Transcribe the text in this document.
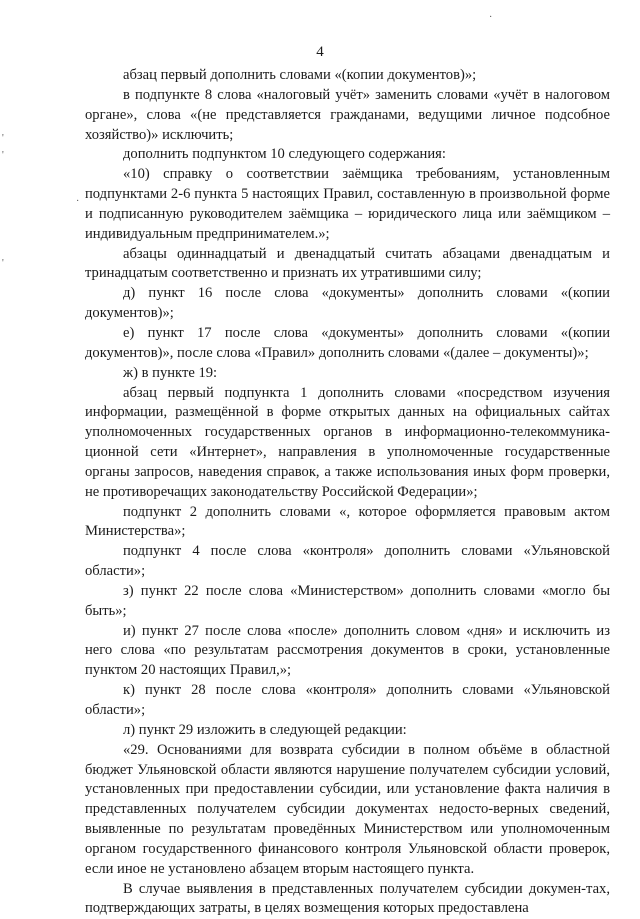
4
·
'
'
'
·

абзац первый дополнить словами «(копии документов)»;

в подпункте 8 слова «налоговый учёт» заменить словами «учёт в налоговом органе», слова «(не представляется гражданами, ведущими личное подсобное хозяйство)» исключить;

дополнить подпунктом 10 следующего содержания:

«10) справку о соответствии заёмщика требованиям, установленным подпунктами 2-6 пункта 5 настоящих Правил, составленную в произвольной форме и подписанную руководителем заёмщика – юридического лица или заёмщиком – индивидуальным предпринимателем.»;

абзацы одиннадцатый и двенадцатый считать абзацами двенадцатым и тринадцатым соответственно и признать их утратившими силу;

д) пункт 16 после слова «документы» дополнить словами «(копии документов)»;

е) пункт 17 после слова «документы» дополнить словами «(копии документов)», после слова «Правил» дополнить словами «(далее – документы)»;

ж) в пункте 19:

абзац первый подпункта 1 дополнить словами «посредством изучения информации, размещённой в форме открытых данных на официальных сайтах уполномоченных государственных органов в информационно-телекоммуника-ционной сети «Интернет», направления в уполномоченные государственные органы запросов, наведения справок, а также использования иных форм проверки, не противоречащих законодательству Российской Федерации»;

подпункт 2 дополнить словами «, которое оформляется правовым актом Министерства»;

подпункт 4 после слова «контроля» дополнить словами «Ульяновской области»;

з) пункт 22 после слова «Министерством» дополнить словами «могло бы быть»;

и) пункт 27 после слова «после» дополнить словом «дня» и исключить из него слова «по результатам рассмотрения документов в сроки, установленные пунктом 20 настоящих Правил,»;

к) пункт 28 после слова «контроля» дополнить словами «Ульяновской области»;

л) пункт 29 изложить в следующей редакции:

«29. Основаниями для возврата субсидии в полном объёме в областной бюджет Ульяновской области являются нарушение получателем субсидии условий, установленных при предоставлении субсидии, или установление факта наличия в представленных получателем субсидии документах недосто-верных сведений, выявленные по результатам проведённых Министерством или уполномоченным органом государственного финансового контроля Ульяновской области проверок, если иное не установлено абзацем вторым настоящего пункта.

В случае выявления в представленных получателем субсидии докумен-тах, подтверждающих затраты, в целях возмещения которых предоставлена
